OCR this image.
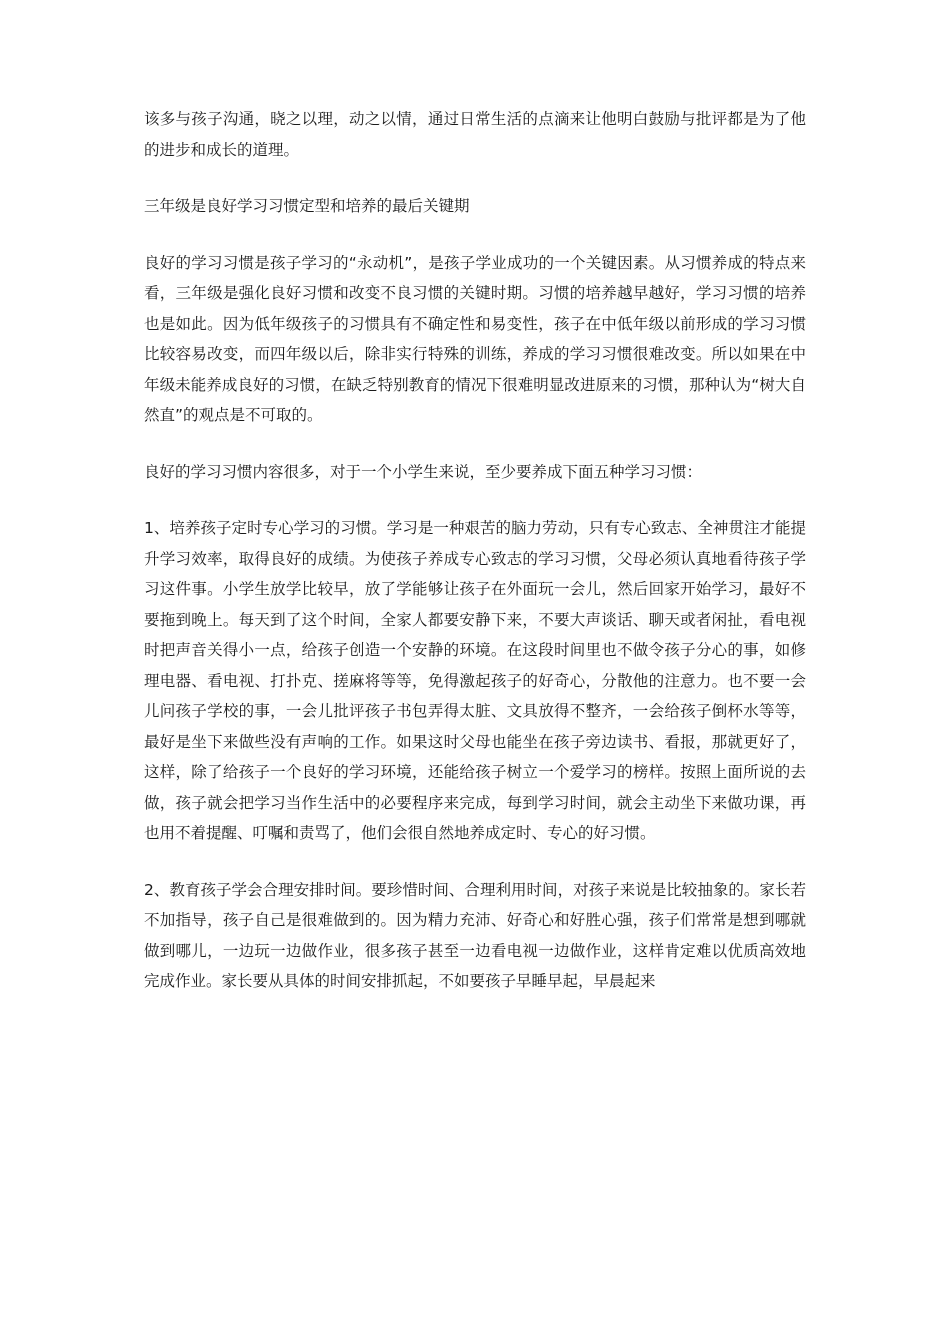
该多与孩子沟通，晓之以理，动之以情，通过日常生活的点滴来让他明白鼓励与批评都是为了他的进步和成长的道理。

三年级是良好学习习惯定型和培养的最后关键期

良好的学习习惯是孩子学习的“永动机”，是孩子学业成功的一个关键因素。从习惯养成的特点来看，三年级是强化良好习惯和改变不良习惯的关键时期。习惯的培养越早越好，学习习惯的培养也是如此。因为低年级孩子的习惯具有不确定性和易变性，孩子在中低年级以前形成的学习习惯比较容易改变，而四年级以后，除非实行特殊的训练，养成的学习习惯很难改变。所以如果在中年级未能养成良好的习惯，在缺乏特别教育的情况下很难明显改进原来的习惯，那种认为“树大自然直”的观点是不可取的。

良好的学习习惯内容很多，对于一个小学生来说，至少要养成下面五种学习习惯：

1、培养孩子定时专心学习的习惯。学习是一种艰苦的脑力劳动，只有专心致志、全神贯注才能提升学习效率，取得良好的成绩。为使孩子养成专心致志的学习习惯，父母必须认真地看待孩子学习这件事。小学生放学比较早，放了学能够让孩子在外面玩一会儿，然后回家开始学习，最好不要拖到晚上。每天到了这个时间，全家人都要安静下来，不要大声谈话、聊天或者闲扯，看电视时把声音关得小一点，给孩子创造一个安静的环境。在这段时间里也不做令孩子分心的事，如修理电器、看电视、打扑克、搓麻将等等，免得激起孩子的好奇心，分散他的注意力。也不要一会儿问孩子学校的事，一会儿批评孩子书包弄得太脏、文具放得不整齐，一会给孩子倒杯水等等，最好是坐下来做些没有声响的工作。如果这时父母也能坐在孩子旁边读书、看报，那就更好了，这样，除了给孩子一个良好的学习环境，还能给孩子树立一个爱学习的榜样。按照上面所说的去做，孩子就会把学习当作生活中的必要程序来完成，每到学习时间，就会主动坐下来做功课，再也用不着提醒、叮嘱和责骂了，他们会很自然地养成定时、专心的好习惯。

2、教育孩子学会合理安排时间。要珍惜时间、合理利用时间，对孩子来说是比较抽象的。家长若不加指导，孩子自己是很难做到的。因为精力充沛、好奇心和好胜心强，孩子们常常是想到哪就做到哪儿，一边玩一边做作业，很多孩子甚至一边看电视一边做作业，这样肯定难以优质高效地完成作业。家长要从具体的时间安排抓起，不如要孩子早睡早起，早晨起来
